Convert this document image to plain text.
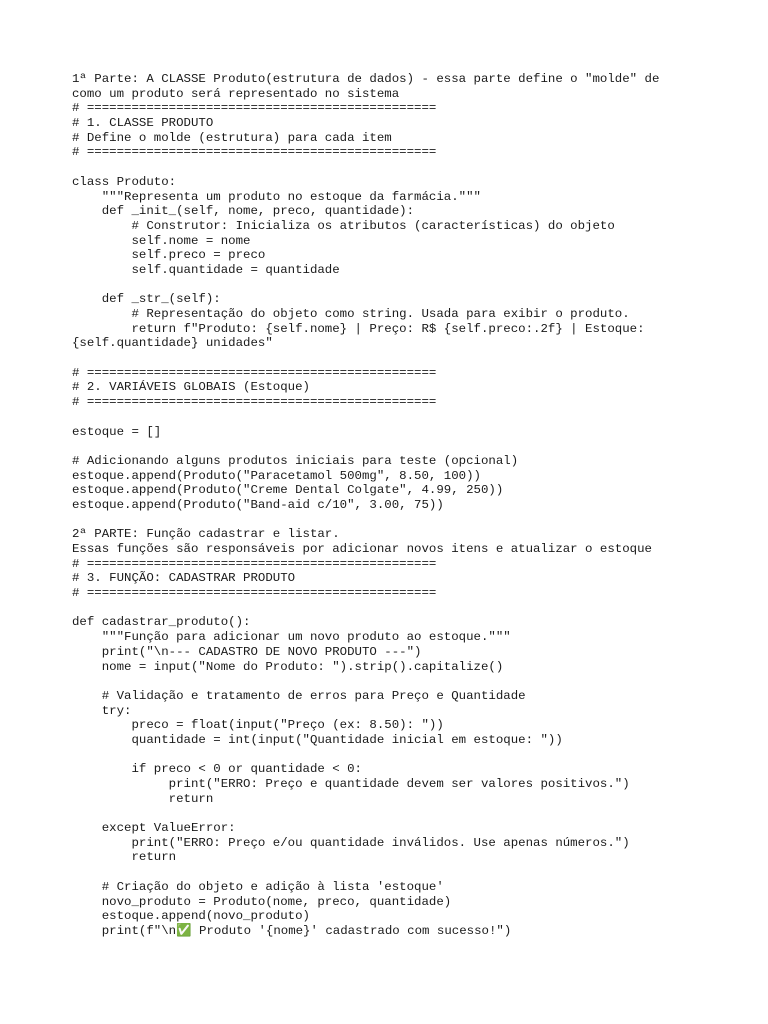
1ª Parte: A CLASSE Produto(estrutura de dados) - essa parte define o "molde" de
como um produto será representado no sistema
# ===============================================
# 1. CLASSE PRODUTO
# Define o molde (estrutura) para cada item
# ===============================================
class Produto:
"""Representa um produto no estoque da farmácia."""
def _init_(self, nome, preco, quantidade):
# Construtor: Inicializa os atributos (características) do objeto
self.nome = nome
self.preco = preco
self.quantidade = quantidade
def _str_(self):
# Representação do objeto como string. Usada para exibir o produto.
return f"Produto: {self.nome} | Preço: R$ {self.preco:.2f} | Estoque:
{self.quantidade} unidades"
# ===============================================
# 2. VARIÁVEIS GLOBAIS (Estoque)
# ===============================================
estoque = []
# Adicionando alguns produtos iniciais para teste (opcional)
estoque.append(Produto("Paracetamol 500mg", 8.50, 100))
estoque.append(Produto("Creme Dental Colgate", 4.99, 250))
estoque.append(Produto("Band-aid c/10", 3.00, 75))
2ª PARTE: Função cadastrar e listar.
Essas funções são responsáveis por adicionar novos itens e atualizar o estoque
# ===============================================
# 3. FUNÇÃO: CADASTRAR PRODUTO
# ===============================================
def cadastrar_produto():
"""Função para adicionar um novo produto ao estoque."""
print("\n--- CADASTRO DE NOVO PRODUTO ---")
nome = input("Nome do Produto: ").strip().capitalize()
# Validação e tratamento de erros para Preço e Quantidade
try:
preco = float(input("Preço (ex: 8.50): "))
quantidade = int(input("Quantidade inicial em estoque: "))
if preco < 0 or quantidade < 0:
print("ERRO: Preço e quantidade devem ser valores positivos.")
return
except ValueError:
print("ERRO: Preço e/ou quantidade inválidos. Use apenas números.")
return
# Criação do objeto e adição à lista 'estoque'
novo_produto = Produto(nome, preco, quantidade)
estoque.append(novo_produto)
print(f"\n✅ Produto '{nome}' cadastrado com sucesso!")
